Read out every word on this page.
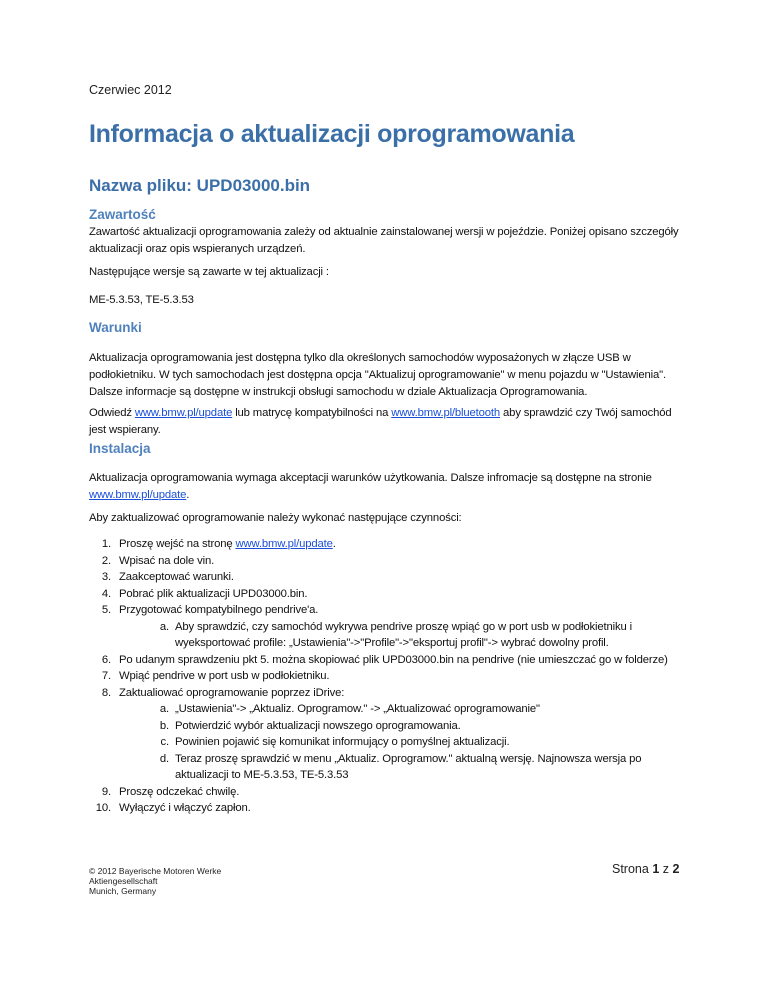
Czerwiec 2012
Informacja o aktualizacji oprogramowania
Nazwa pliku: UPD03000.bin
Zawartość
Zawartość aktualizacji oprogramowania zależy od aktualnie zainstalowanej wersji w pojeździe. Poniżej opisano szczegóły aktualizacji oraz opis wspieranych urządzeń.
Następujące wersje są zawarte w tej aktualizacji :
ME-5.3.53, TE-5.3.53
Warunki
Aktualizacja oprogramowania jest dostępna tylko dla określonych samochodów wyposażonych w złącze USB w podłokietniku. W tych samochodach jest dostępna opcja "Aktualizuj oprogramowanie" w menu pojazdu w "Ustawienia". Dalsze informacje są dostępne w instrukcji obsługi samochodu w dziale Aktualizacja Oprogramowania.
Odwiedź www.bmw.pl/update lub matrycę kompatybilności na www.bmw.pl/bluetooth aby sprawdzić czy Twój samochód jest wspierany.
Instalacja
Aktualizacja oprogramowania wymaga akceptacji warunków użytkowania. Dalsze infromacje są dostępne na stronie www.bmw.pl/update.
Aby zaktualizować oprogramowanie należy wykonać następujące czynności:
1. Proszę wejść na stronę www.bmw.pl/update.
2. Wpisać na dole vin.
3. Zaakceptować warunki.
4. Pobrać plik aktualizacji UPD03000.bin.
5. Przygotować kompatybilnego pendrive'a.
a. Aby sprawdzić, czy samochód wykrywa pendrive proszę wpiąć go w port usb w podłokietniku i wyeksportować profile: „Ustawienia"->"Profile"->"eksportuj profil"-> wybrać dowolny profil.
6. Po udanym sprawdzeniu pkt 5. można skopiować plik UPD03000.bin na pendrive (nie umieszczać go w folderze)
7. Wpiąć pendrive w port usb w podłokietniku.
8. Zaktualiować oprogramowanie poprzez iDrive:
a. „Ustawienia"-> „Aktualiz. Oprogramow." -> „Aktualizować oprogramowanie"
b. Potwierdzić wybór aktualizacji nowszego oprogramowania.
c. Powinien pojawić się komunikat informujący o pomyślnej aktualizacji.
d. Teraz proszę sprawdzić w menu „Aktualiz. Oprogramow." aktualną wersję. Najnowsza wersja po aktualizacji to ME-5.3.53, TE-5.3.53
9. Proszę odczekać chwilę.
10. Wyłączyć i włączyć zapłon.
© 2012 Bayerische Motoren Werke
Aktiengesellschaft
Munich, Germany
Strona 1 z 2
